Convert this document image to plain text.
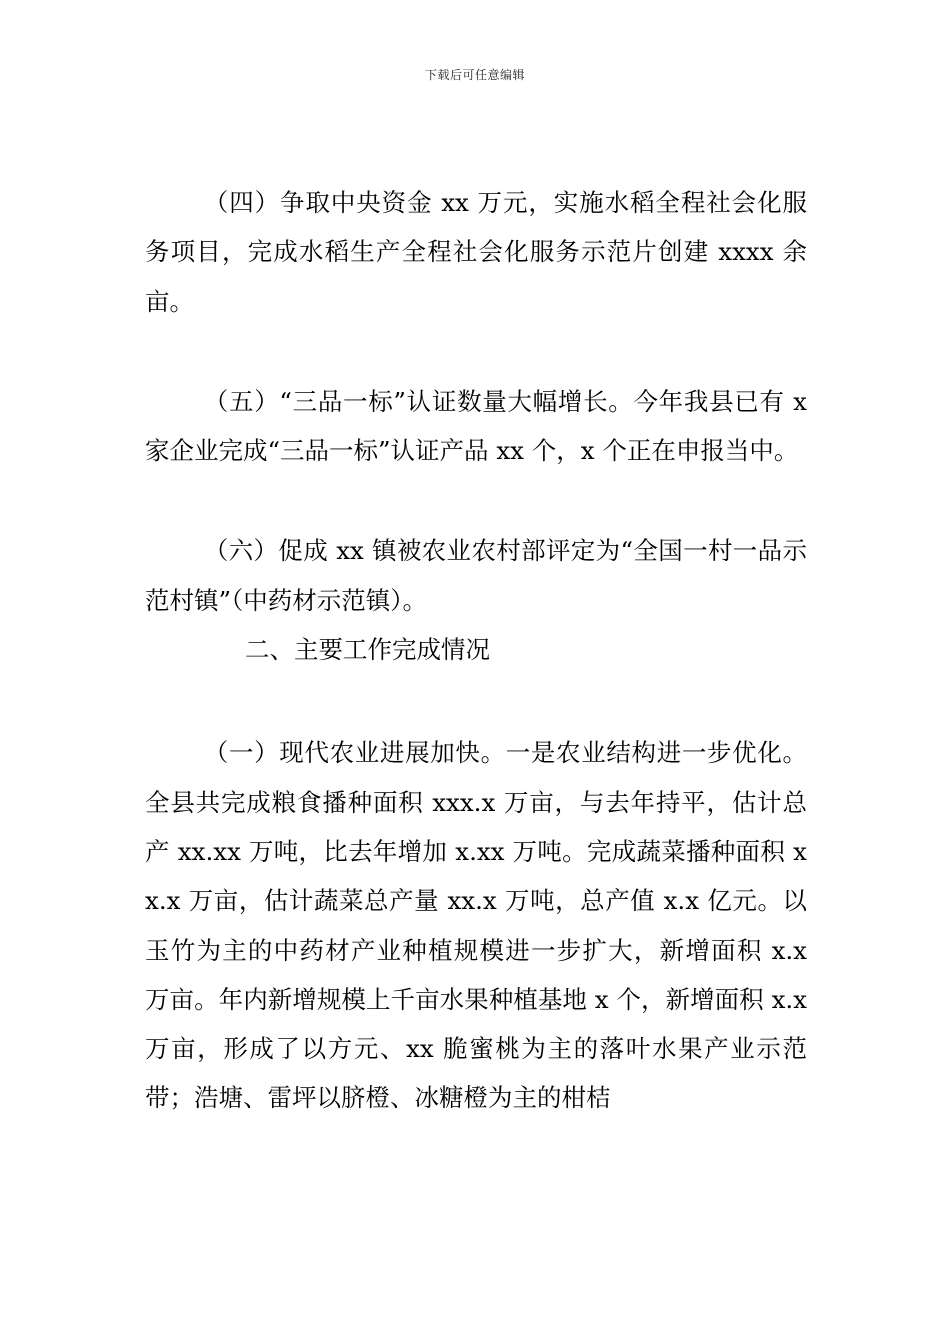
下载后可任意编辑

（四）争取中央资金 xx 万元，实施水稻全程社会化服务项目，完成水稻生产全程社会化服务示范片创建 xxxx 余亩。

（五）“三品一标”认证数量大幅增长。今年我县已有 x 家企业完成“三品一标”认证产品 xx 个，x 个正在申报当中。

（六）促成 xx 镇被农业农村部评定为“全国一村一品示范村镇”（中药材示范镇）。

二、主要工作完成情况

（一）现代农业进展加快。一是农业结构进一步优化。全县共完成粮食播种面积 xxx.x 万亩，与去年持平，估计总产 xx.xx 万吨，比去年增加 x.xx 万吨。完成蔬菜播种面积 xx.x 万亩，估计蔬菜总产量 xx.x 万吨，总产值 x.x 亿元。以玉竹为主的中药材产业种植规模进一步扩大，新增面积 x.x 万亩。年内新增规模上千亩水果种植基地 x 个，新增面积 x.x 万亩，形成了以方元、xx 脆蜜桃为主的落叶水果产业示范带；浩塘、雷坪以脐橙、冰糖橙为主的柑桔
